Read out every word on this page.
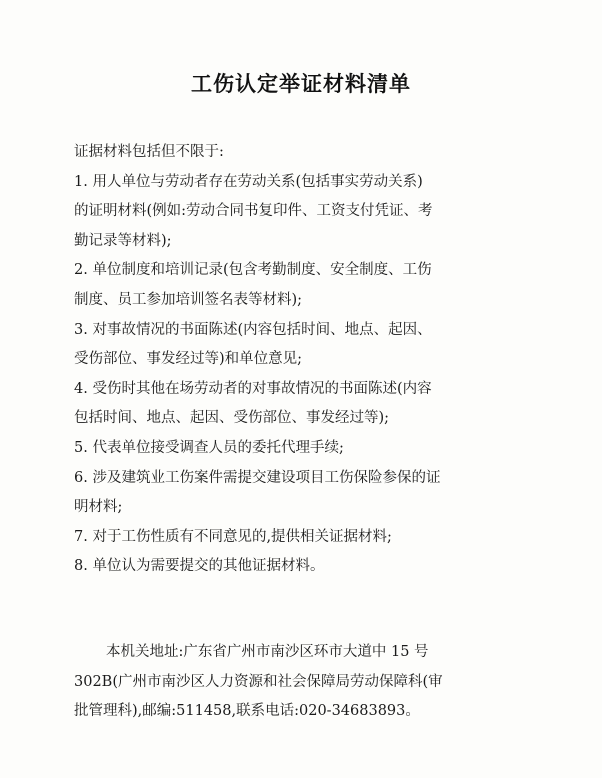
工伤认定举证材料清单
证据材料包括但不限于:
1. 用人单位与劳动者存在劳动关系(包括事实劳动关系)
的证明材料(例如:劳动合同书复印件、工资支付凭证、考
勤记录等材料);
2. 单位制度和培训记录(包含考勤制度、安全制度、工伤
制度、员工参加培训签名表等材料);
3. 对事故情况的书面陈述(内容包括时间、地点、起因、
受伤部位、事发经过等)和单位意见;
4. 受伤时其他在场劳动者的对事故情况的书面陈述(内容
包括时间、地点、起因、受伤部位、事发经过等);
5. 代表单位接受调查人员的委托代理手续;
6. 涉及建筑业工伤案件需提交建设项目工伤保险参保的证
明材料;
7. 对于工伤性质有不同意见的,提供相关证据材料;
8. 单位认为需要提交的其他证据材料。
本机关地址:广东省广州市南沙区环市大道中 15 号
302B(广州市南沙区人力资源和社会保障局劳动保障科(审
批管理科),邮编:511458,联系电话:020-34683893。
